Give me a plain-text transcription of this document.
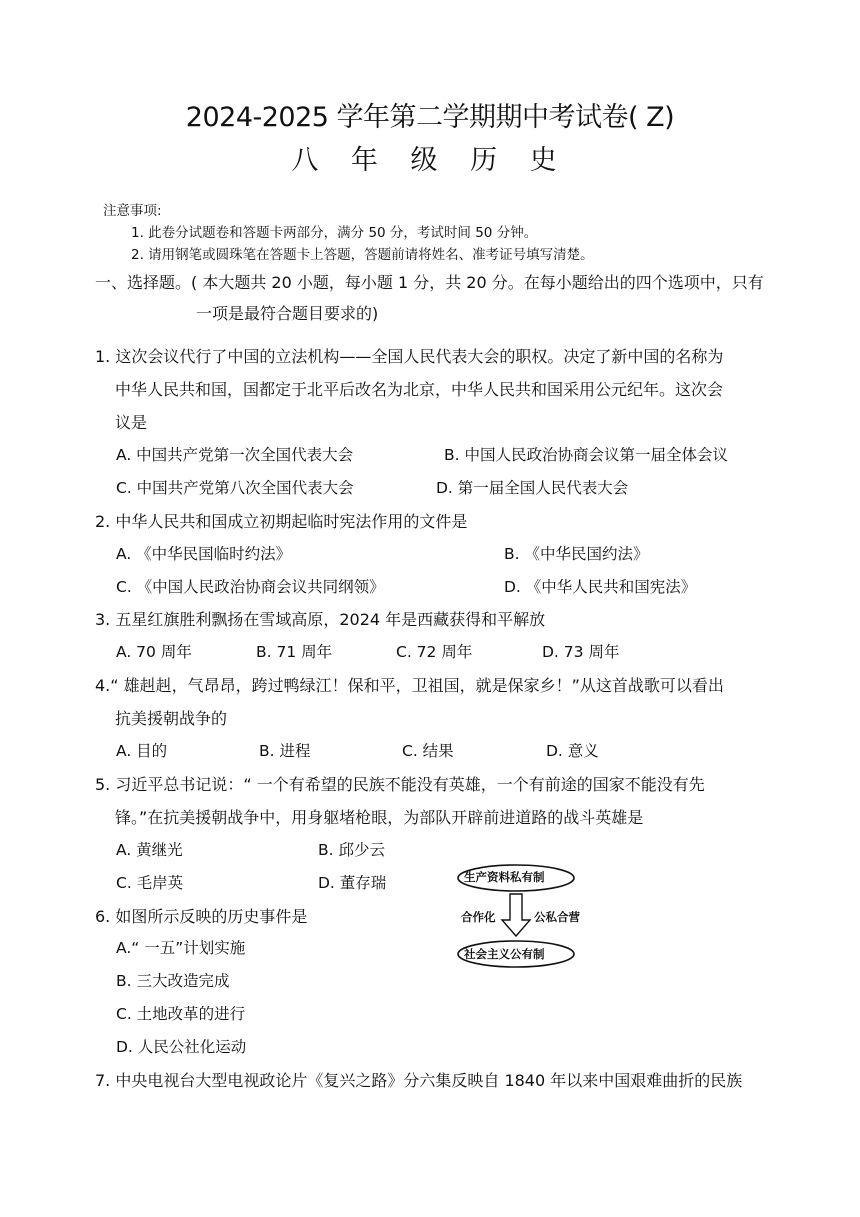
2024-2025 学年第二学期期中考试卷( Z)
八 年 级 历 史
注意事项:
1. 此卷分试题卷和答题卡两部分，满分 50 分，考试时间 50 分钟。
2. 请用钢笔或圆珠笔在答题卡上答题，答题前请将姓名、准考证号填写清楚。
一、选择题。( 本大题共 20 小题，每小题 1 分，共 20 分。在每小题给出的四个选项中，只有
一项是最符合题目要求的)
1. 这次会议代行了中国的立法机构——全国人民代表大会的职权。决定了新中国的名称为
中华人民共和国，国都定于北平后改名为北京，中华人民共和国采用公元纪年。这次会
议是
A. 中国共产党第一次全国代表大会	B. 中国人民政治协商会议第一届全体会议
C. 中国共产党第八次全国代表大会	D. 第一届全国人民代表大会
2. 中华人民共和国成立初期起临时宪法作用的文件是
A. 《中华民国临时约法》	B. 《中华民国约法》
C. 《中国人民政治协商会议共同纲领》	D. 《中华人民共和国宪法》
3. 五星红旗胜利飘扬在雪域高原，2024 年是西藏获得和平解放
A. 70 周年	B. 71 周年	C. 72 周年	D. 73 周年
4.“ 雄赳赳，气昂昂，跨过鸭绿江！保和平，卫祖国，就是保家乡！”从这首战歌可以看出
抗美援朝战争的
A. 目的	B. 进程	C. 结果	D. 意义
5. 习近平总书记说：“ 一个有希望的民族不能没有英雄，一个有前途的国家不能没有先
锋。”在抗美援朝战争中，用身躯堵枪眼，为部队开辟前进道路的战斗英雄是
A. 黄继光	B. 邱少云
C. 毛岸英	D. 董存瑞
6. 如图所示反映的历史事件是
A.“ 一五”计划实施
B. 三大改造完成
C. 土地改革的进行
D. 人民公社化运动
生产资料私有制
合作化	公私合营
社会主义公有制
7. 中央电视台大型电视政论片《复兴之路》分六集反映自 1840 年以来中国艰难曲折的民族
